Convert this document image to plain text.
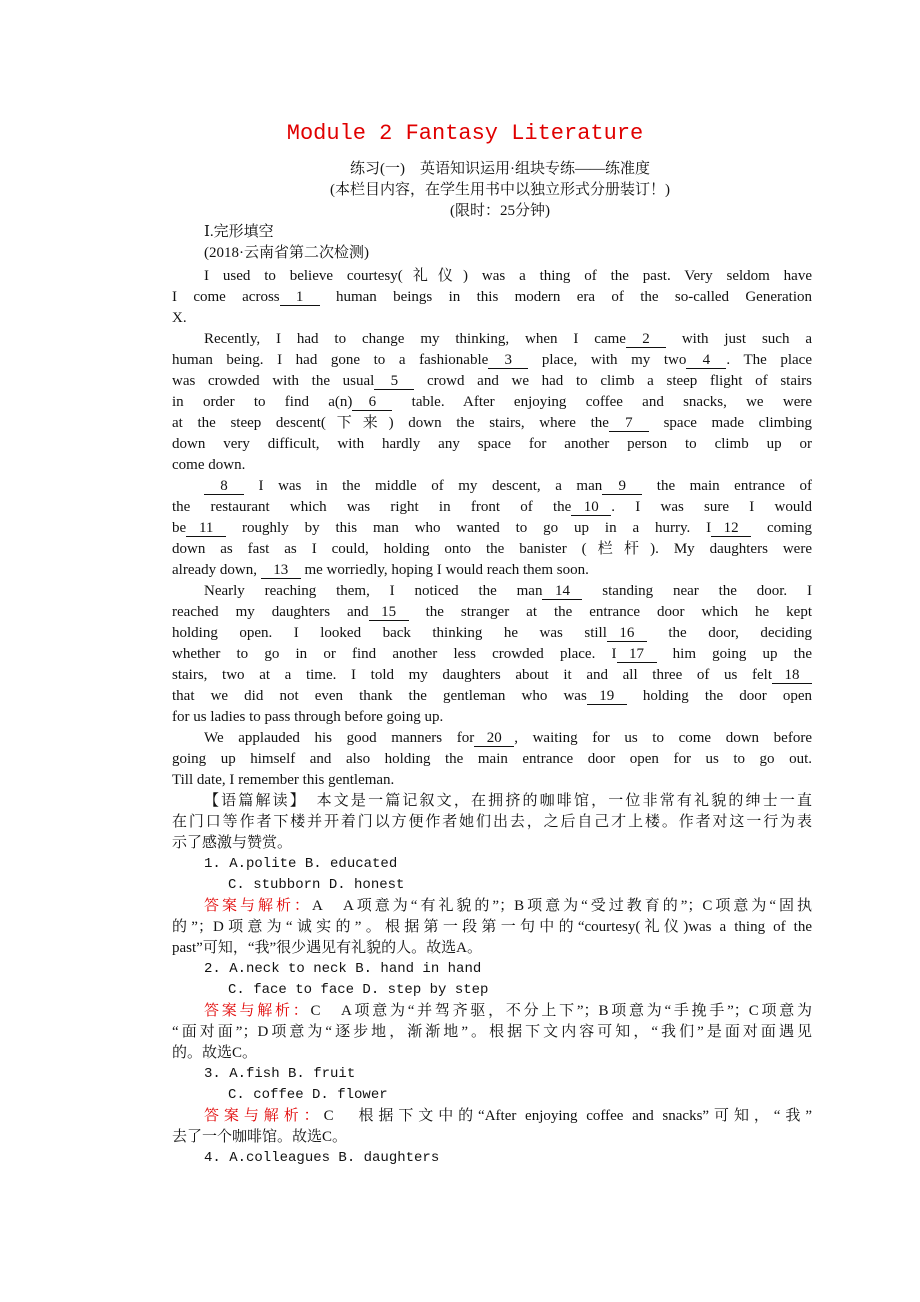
Module 2 Fantasy Literature
练习(一)　英语知识运用·组块专练——练准度
(本栏目内容，在学生用书中以独立形式分册装订！)
(限时：25分钟)
Ⅰ.完形填空
(2018·云南省第二次检测)
I used to believe courtesy(礼仪) was a thing of the past. Very seldom have
I come across 1  human beings in this modern era of the so-called Generation
X.
Recently, I had to change my thinking, when I came 2  with just such a
human being. I had gone to a fashionable 3  place, with my two 4 . The place
was crowded with the usual 5  crowd and we had to climb a steep flight of stairs
in order to find a(n) 6  table. After enjoying coffee and snacks, we were
at the steep descent(下来) down the stairs, where the 7  space made climbing
down very difficult, with hardly any space for another person to climb up or
come down.
8  I was in the middle of my descent, a man 9  the main entrance of
the restaurant which was right in front of the 10 . I was sure I would
be 11  roughly by this man who wanted to go up in a hurry. I 12  coming
down as fast as I could, holding onto the banister (栏杆). My daughters were
already down,  13  me worriedly, hoping I would reach them soon.
Nearly reaching them, I noticed the man 14  standing near the door. I
reached my daughters and 15  the stranger at the entrance door which he kept
holding open. I looked back thinking he was still 16  the door, deciding
whether to go in or find another less crowded place. I 17  him going up the
stairs, two at a time. I told my daughters about it and all three of us felt 18
that we did not even thank the gentleman who was 19  holding the door open
for us ladies to pass through before going up.
We applauded his good manners for 20 , waiting for us to come down before
going up himself and also holding the main entrance door open for us to go out.
Till date, I remember this gentleman.
【语篇解读】　本文是一篇记叙文，在拥挤的咖啡馆，一位非常有礼貌的绅士一直
在门口等作者下楼并开着门以方便作者她们出去，之后自己才上楼。作者对这一行为表
示了感激与赞赏。
1. A.polite B. educated
C. stubborn D. honest
答案与解析：A　A项意为“有礼貌的”；B项意为“受过教育的”；C项意为“固执
的”；D项意为“诚实的”。根据第一段第一句中的“courtesy(礼仪)was a thing of the
past”可知，“我”很少遇见有礼貌的人。故选A。
2. A.neck to neck B. hand in hand
C. face to face D. step by step
答案与解析：C　A项意为“并驾齐驱，不分上下”；B项意为“手挽手”；C项意为
“面对面”；D项意为“逐步地，渐渐地”。根据下文内容可知，“我们”是面对面遇见
的。故选C。
3. A.fish B. fruit
C. coffee D. flower
答案与解析：C　根据下文中的“After enjoying coffee and snacks”可知，“我”
去了一个咖啡馆。故选C。
4. A.colleagues B. daughters
